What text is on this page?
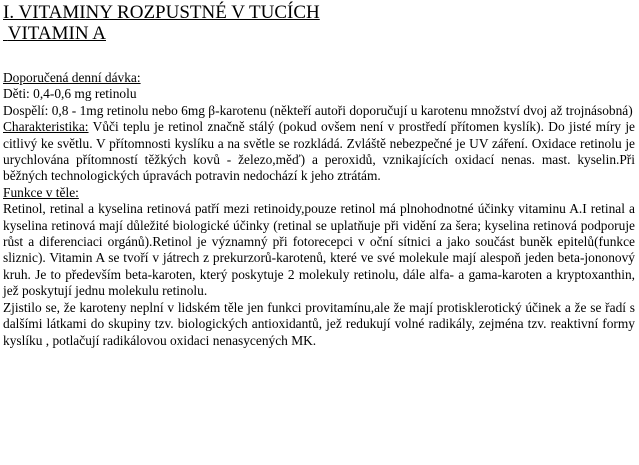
I. VITAMINY ROZPUSTNÉ V TUCÍCH
VITAMIN A

Doporučená denní dávka:

Děti: 0,4-0,6 mg retinolu

Dospělí: 0,8 - 1mg retinolu nebo 6mg β-karotenu (někteří autoři doporučují u karotenu množství dvoj až trojnásobná)

Charakteristika: Vůči teplu je retinol značně stálý (pokud ovšem není v prostředí přítomen kyslík). Do jisté míry je citlivý ke světlu. V přítomnosti kyslíku a na světle se rozkládá. Zvláště nebezpečné je UV záření. Oxidace retinolu je urychlována přítomností těžkých kovů - železo,měď) a peroxidů, vznikajících oxidací nenas. mast. kyselin.Při běžných technologických úpravách potravin nedochází k jeho ztrátám.

Funkce v těle:

Retinol, retinal a kyselina retinová patří mezi retinoidy,pouze retinol má plnohodnotné účinky vitaminu A.I retinal a kyselina retinová mají důležité biologické účinky (retinal se uplatňuje při vidění za šera; kyselina retinová podporuje růst a diferenciaci orgánů).Retinol je významný při fotorecepci v oční sítnici a jako součást buněk epitelů(funkce sliznic). Vitamin A se tvoří v játrech z prekurzorů-karotenů, které ve své molekule mají alespoň jeden beta-jononový kruh. Je to především beta-karoten, který poskytuje 2 molekuly retinolu, dále alfa- a gama-karoten a kryptoxanthin, jež poskytují jednu molekulu retinolu.

Zjistilo se, že karoteny neplní v lidském těle jen funkci provitamínu,ale že mají protisklerotický účinek a že se řadí s dalšími látkami do skupiny tzv. biologických antioxidantů, jež redukují volné radikály, zejména tzv. reaktivní formy kyslíku , potlačují radikálovou oxidaci nenasycených MK.
